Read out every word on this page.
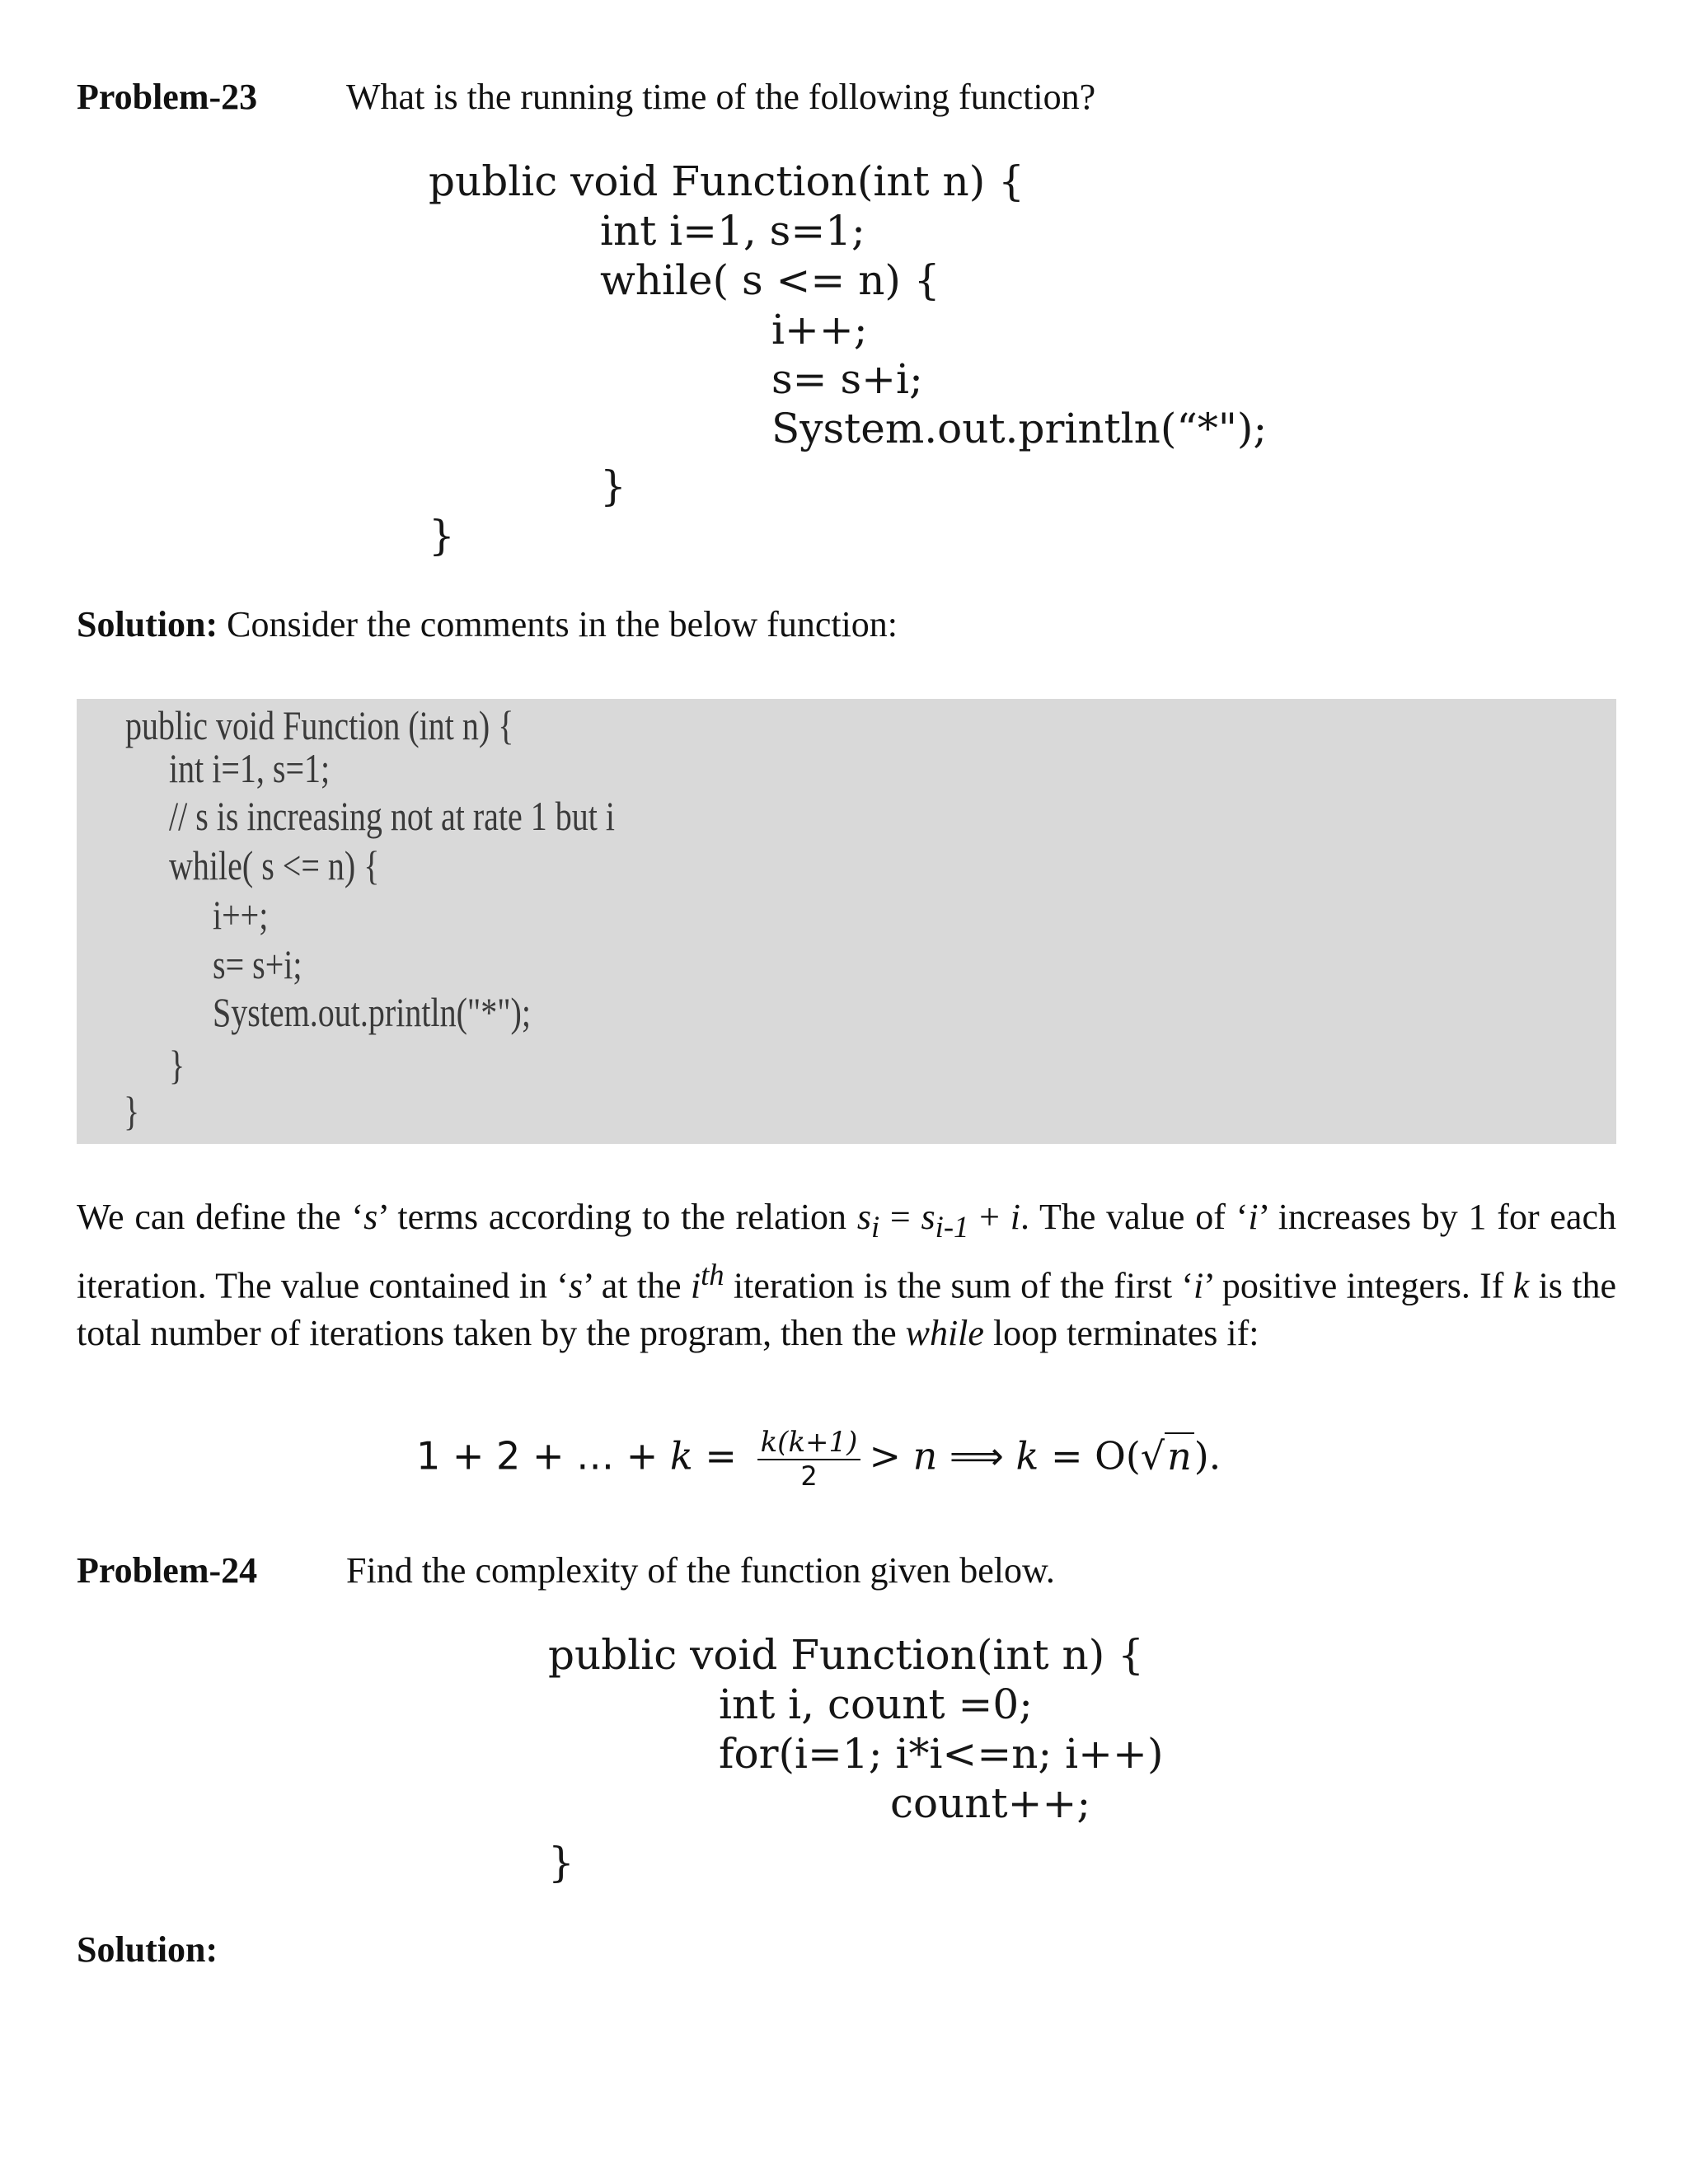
Problem-23 What is the running time of the following function?
public void Function(int n) {
int i=1, s=1;
while( s <= n) {
i++;
s= s+i;
System.out.println(“*");
}
}
Solution: Consider the comments in the below function:
public void Function (int n) {
int i=1, s=1;
// s is increasing not at rate 1 but i
while( s <= n) {
i++;
s= s+i;
System.out.println("*");
}
}

We can define the ‘s’ terms according to the relation $s_i = s_{i-1} + i$. The value of ‘i’ increases by 1 for each iteration. The value contained in ‘s’ at the $i^{th}$ iteration is the sum of the first ‘i’ positive integers. If k is the total number of iterations taken by the program, then the while loop terminates if:

1 + 2 + … + $k = \frac{k(k+1)}{2} > n$ ⟹ k = O(√n).
Problem-24 Find the complexity of the function given below.
public void Function(int n) {
int i, count =0;
for(i=1; i*i<=n; i++)
count++;
}
Solution:
